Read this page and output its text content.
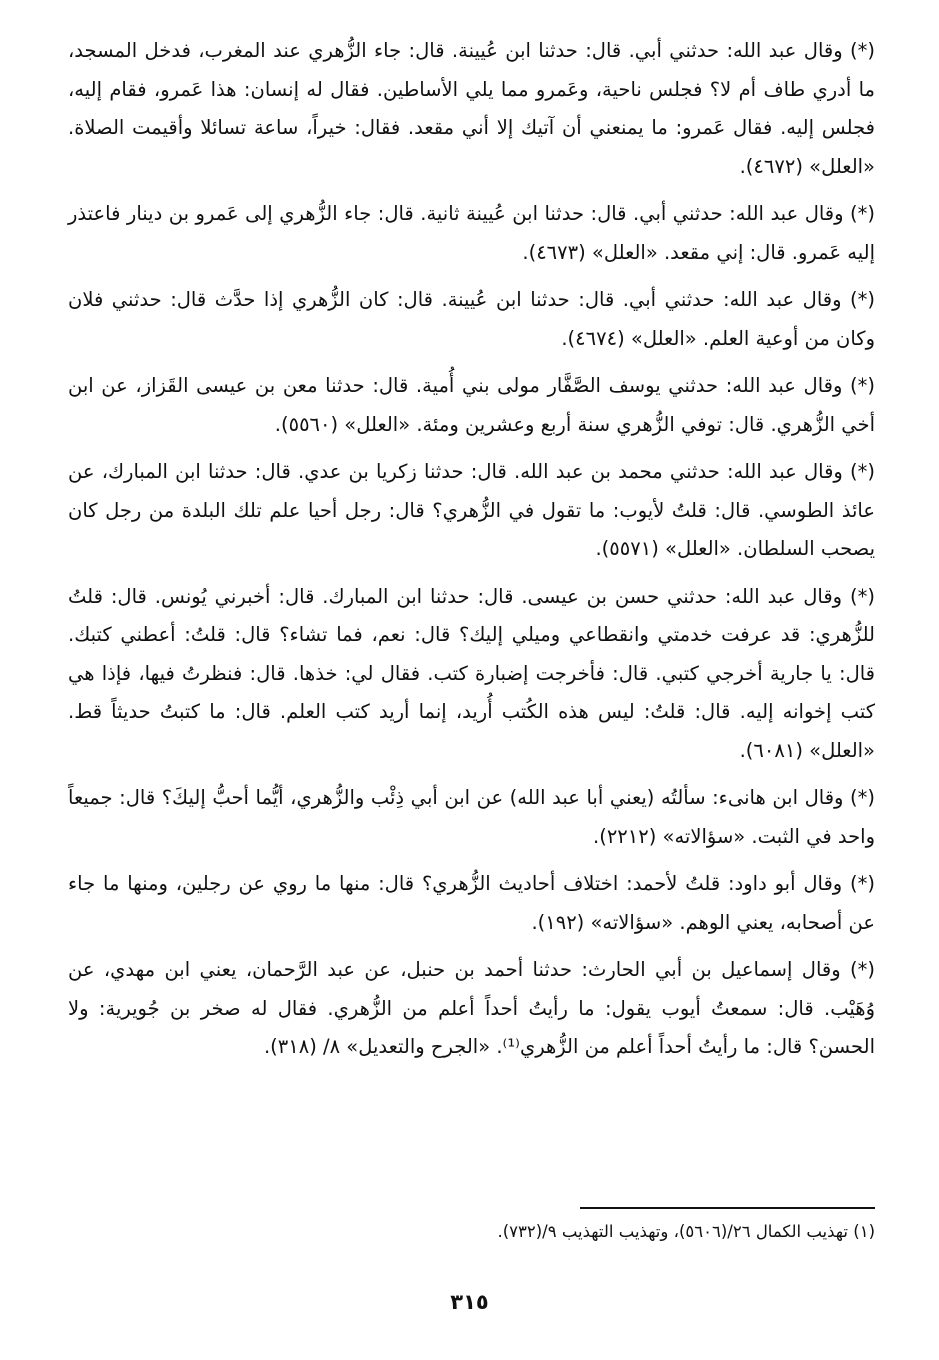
(*) وقال عبد الله: حدثني أبي. قال: حدثنا ابن عُيينة. قال: جاء الزُّهري عند المغرب، فدخل المسجد، ما أدري طاف أم لا؟ فجلس ناحية، وعَمرو مما يلي الأساطين. فقال له إنسان: هذا عَمرو، فقام إليه، فجلس إليه. فقال عَمرو: ما يمنعني أن آتيك إلا أني مقعد. فقال: خيراً، ساعة تسائلا وأقيمت الصلاة. «العلل» (٤٦٧٢).

(*) وقال عبد الله: حدثني أبي. قال: حدثنا ابن عُيينة ثانية. قال: جاء الزُّهري إلى عَمرو بن دينار فاعتذر إليه عَمرو. قال: إني مقعد. «العلل» (٤٦٧٣).

(*) وقال عبد الله: حدثني أبي. قال: حدثنا ابن عُيينة. قال: كان الزُّهري إذا حدَّث قال: حدثني فلان وكان من أوعية العلم. «العلل» (٤٦٧٤).

(*) وقال عبد الله: حدثني يوسف الصَّفَّار مولى بني أُمية. قال: حدثنا معن بن عيسى القَزاز، عن ابن أخي الزُّهري. قال: توفي الزُّهري سنة أربع وعشرين ومئة. «العلل» (٥٥٦٠).

(*) وقال عبد الله: حدثني محمد بن عبد الله. قال: حدثنا زكريا بن عدي. قال: حدثنا ابن المبارك، عن عائذ الطوسي. قال: قلتُ لأيوب: ما تقول في الزُّهري؟ قال: رجل أحيا علم تلك البلدة من رجل كان يصحب السلطان. «العلل» (٥٥٧١).

(*) وقال عبد الله: حدثني حسن بن عيسى. قال: حدثنا ابن المبارك. قال: أخبرني يُونس. قال: قلتُ للزُّهري: قد عرفت خدمتي وانقطاعي وميلي إليك؟ قال: نعم، فما تشاء؟ قال: قلتُ: أعطني كتبك. قال: يا جارية أخرجي كتبي. قال: فأخرجت إضبارة كتب. فقال لي: خذها. قال: فنظرتُ فيها، فإذا هي كتب إخوانه إليه. قال: قلتُ: ليس هذه الكُتب أُريد، إنما أريد كتب العلم. قال: ما كتبتُ حديثاً قط. «العلل» (٦٠٨١).

(*) وقال ابن هانىء: سألتُه (يعني أبا عبد الله) عن ابن أبي ذِئْب والزُّهري، أيُّما أحبُّ إليكَ؟ قال: جميعاً واحد في الثبت. «سؤالاته» (٢٢١٢).

(*) وقال أبو داود: قلتُ لأحمد: اختلاف أحاديث الزُّهري؟ قال: منها ما روي عن رجلين، ومنها ما جاء عن أصحابه، يعني الوهم. «سؤالاته» (١٩٢).

(*) وقال إسماعيل بن أبي الحارث: حدثنا أحمد بن حنبل، عن عبد الرَّحمان، يعني ابن مهدي، عن وُهَيْب. قال: سمعتُ أيوب يقول: ما رأيتُ أحداً أعلم من الزُّهري. فقال له صخر بن جُويرية: ولا الحسن؟ قال: ما رأيتُ أحداً أعلم من الزُّهري⁽¹⁾. «الجرح والتعديل» ٨/ (٣١٨).

(١) تهذيب الكمال ٢٦/(٥٦٠٦)، وتهذيب التهذيب ٩/(٧٣٢).
٣١٥
